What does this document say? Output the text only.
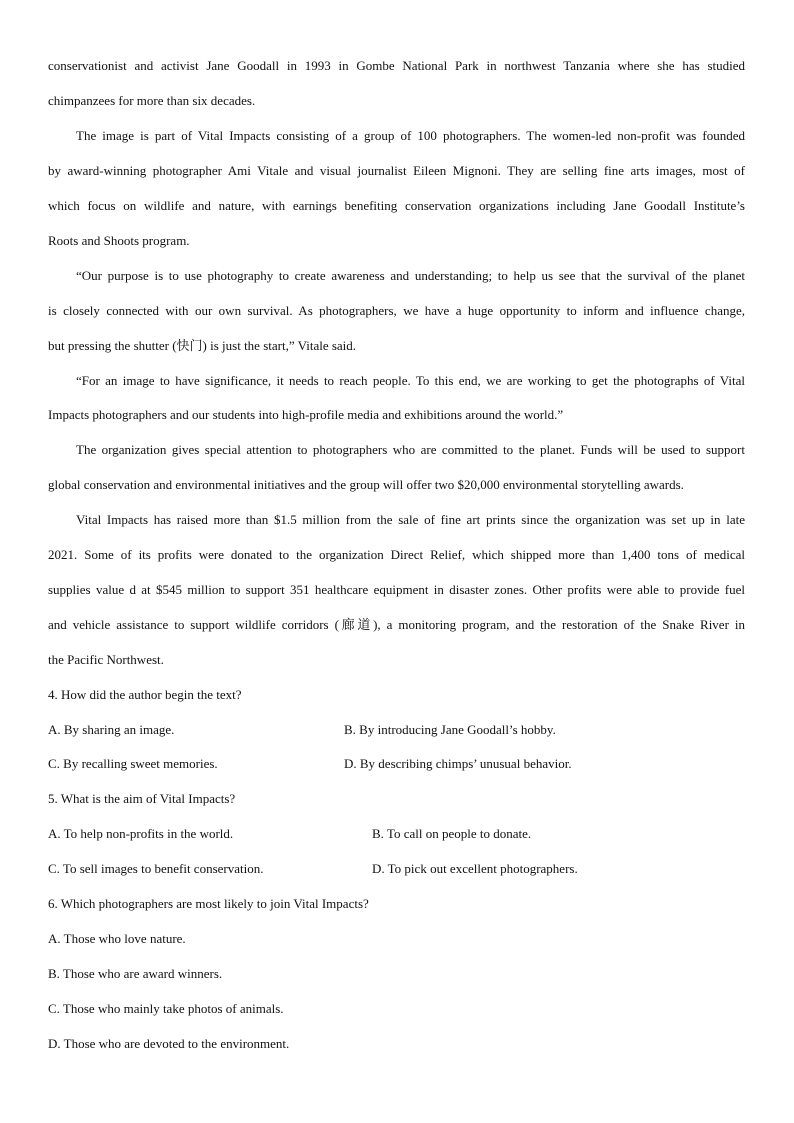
conservationist and activist Jane Goodall in 1993 in Gombe National Park in northwest Tanzania where she has studied
chimpanzees for more than six decades.
The image is part of Vital Impacts consisting of a group of 100 photographers. The women-led non-profit was founded
by award-winning photographer Ami Vitale and visual journalist Eileen Mignoni. They are selling fine arts images, most of
which focus on wildlife and nature, with earnings benefiting conservation organizations including Jane Goodall Institute’s
Roots and Shoots program.
“Our purpose is to use photography to create awareness and understanding; to help us see that the survival of the planet
is closely connected with our own survival. As photographers, we have a huge opportunity to inform and influence change,
but pressing the shutter (快门) is just the start,” Vitale said.
“For an image to have significance, it needs to reach people. To this end, we are working to get the photographs of Vital
Impacts photographers and our students into high-profile media and exhibitions around the world.”
The organization gives special attention to photographers who are committed to the planet. Funds will be used to support
global conservation and environmental initiatives and the group will offer two $20,000 environmental storytelling awards.
Vital Impacts has raised more than $1.5 million from the sale of fine art prints since the organization was set up in late
2021. Some of its profits were donated to the organization Direct Relief, which shipped more than 1,400 tons of medical
supplies value d at $545 million to support 351 healthcare equipment in disaster zones. Other profits were able to provide fuel
and vehicle assistance to support wildlife corridors (廊道), a monitoring program, and the restoration of the Snake River in
the Pacific Northwest.
4. How did the author begin the text?
A. By sharing an image.	B. By introducing Jane Goodall’s hobby.
C. By recalling sweet memories.	D. By describing chimps’ unusual behavior.
5. What is the aim of Vital Impacts?
A. To help non-profits in the world.	B. To call on people to donate.
C. To sell images to benefit conservation.	D. To pick out excellent photographers.
6. Which photographers are most likely to join Vital Impacts?
A. Those who love nature.
B. Those who are award winners.
C. Those who mainly take photos of animals.
D. Those who are devoted to the environment.
